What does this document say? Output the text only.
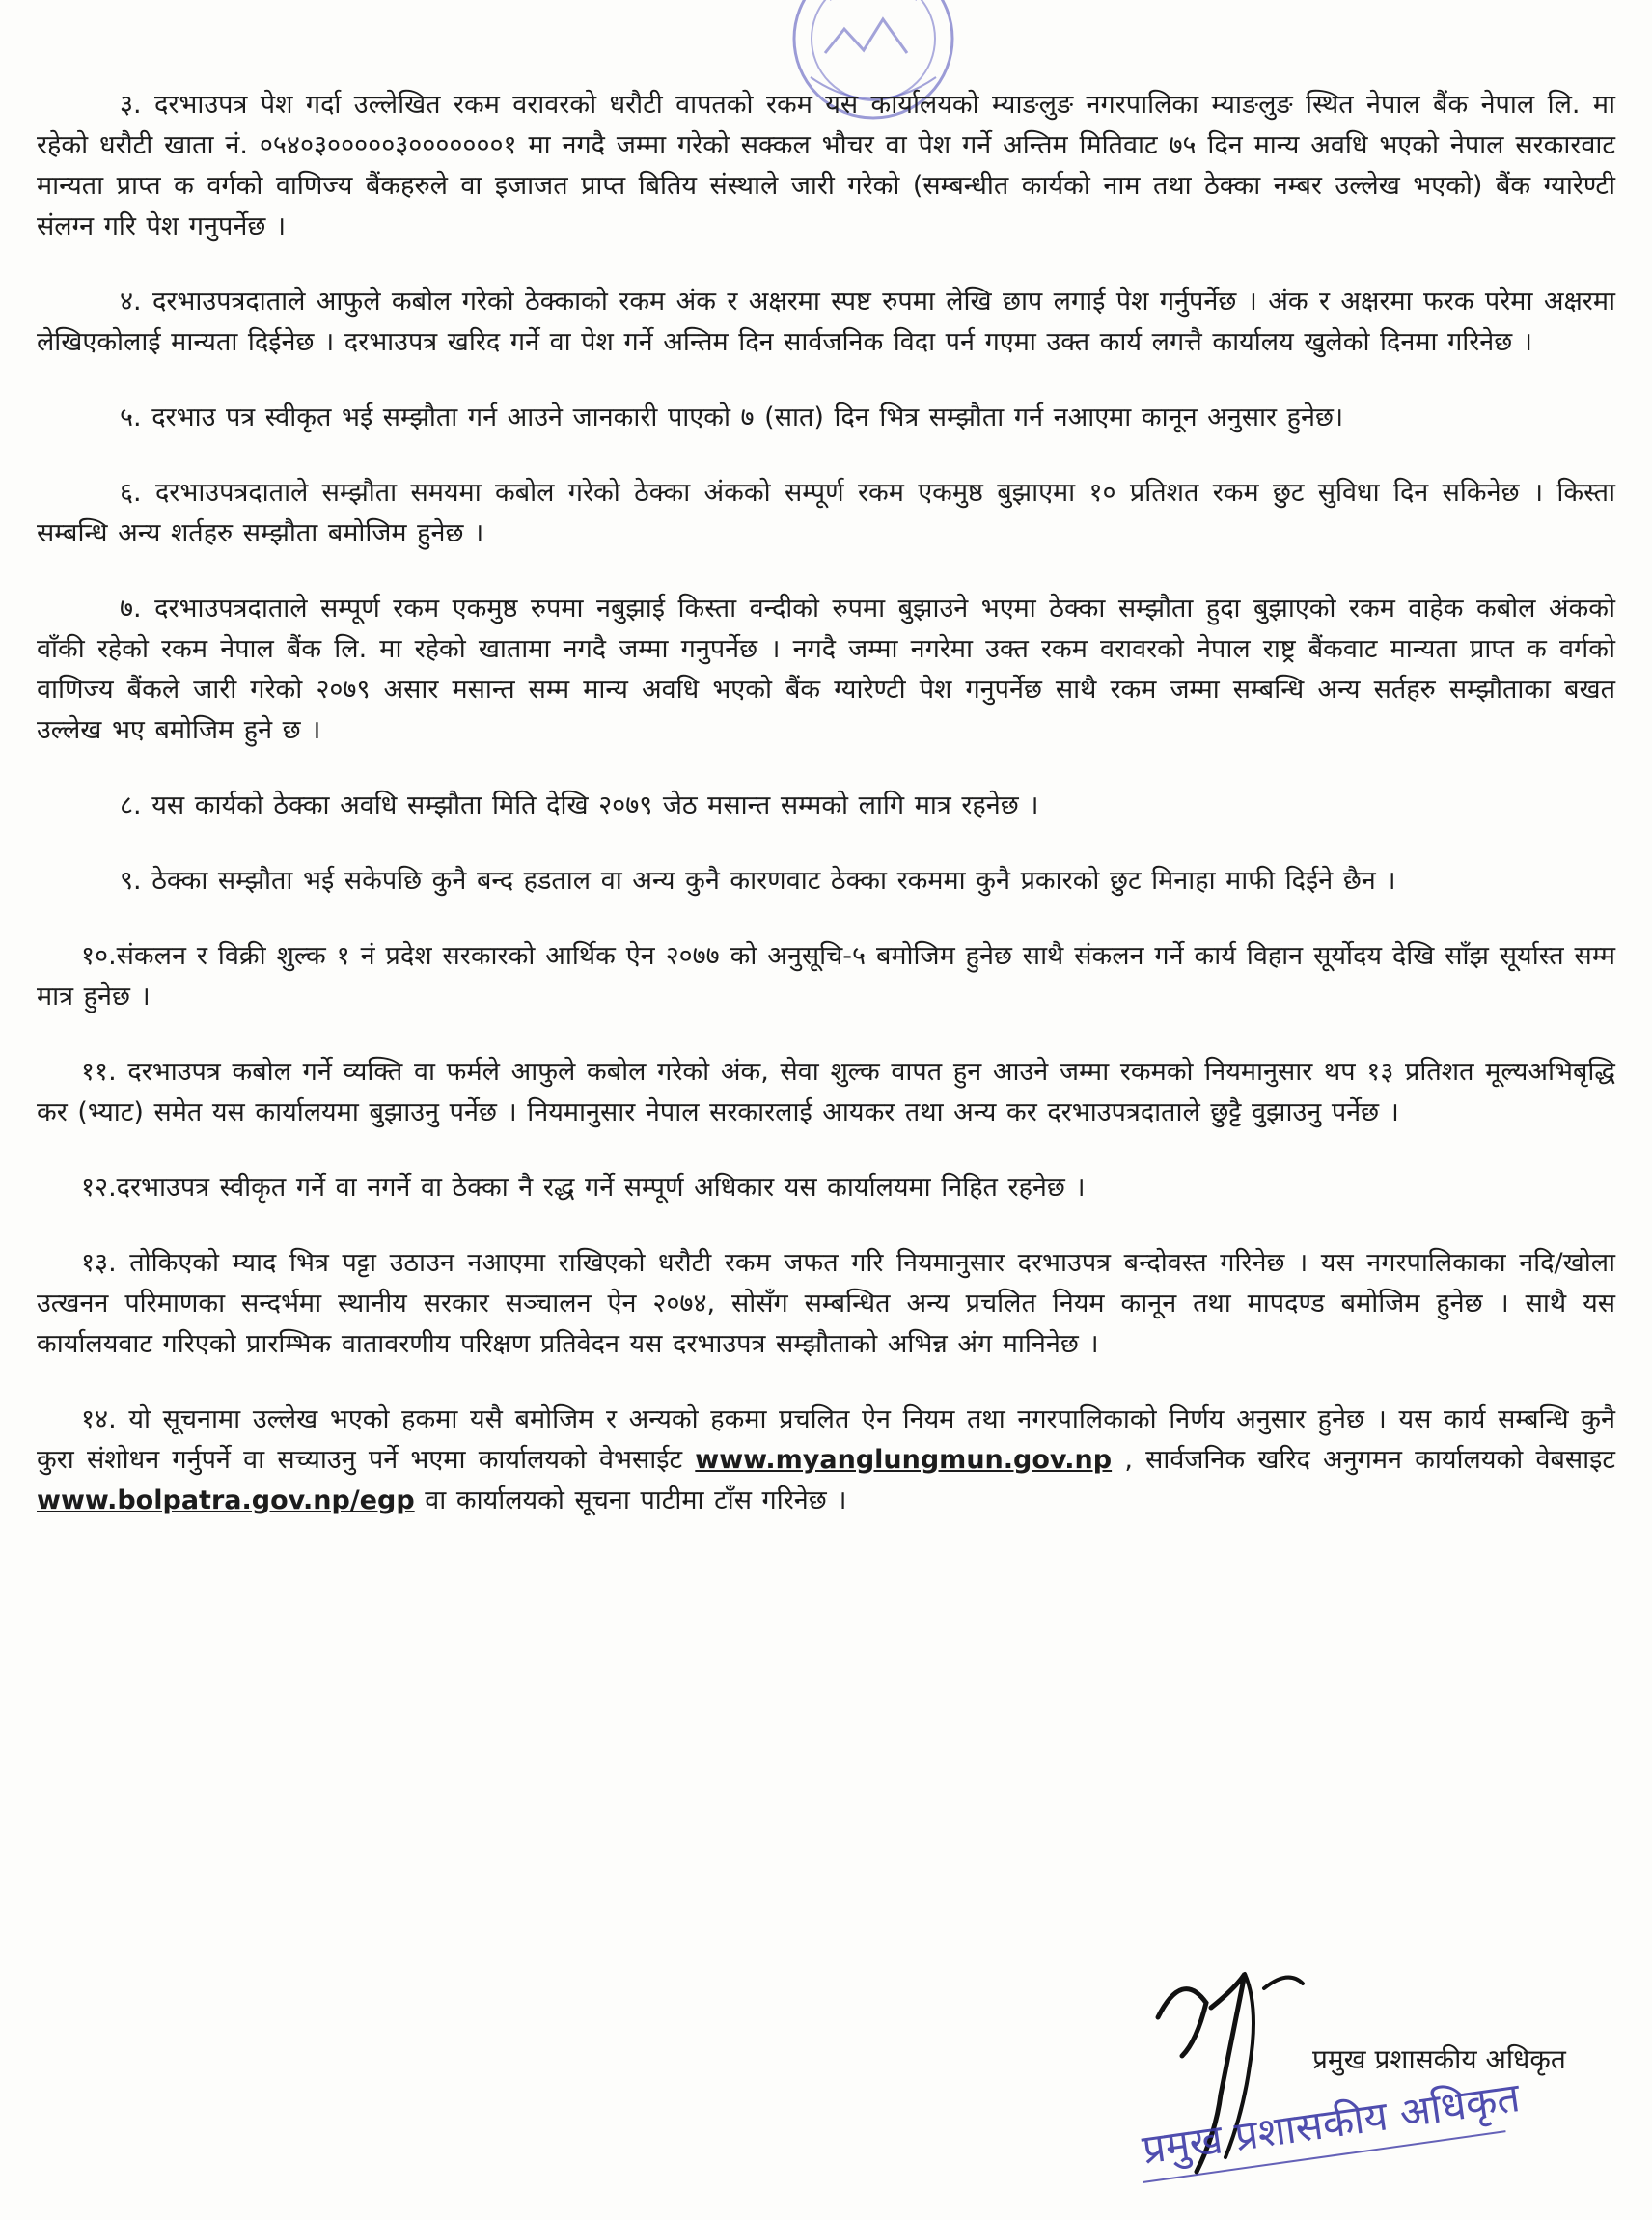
३. दरभाउपत्र पेश गर्दा उल्लेखित रकम वरावरको धरौटी वापतको रकम यस कार्यालयको म्याङलुङ नगरपालिका म्याङलुङ स्थित नेपाल बैंक नेपाल लि. मा रहेको धरौटी खाता नं. ०५४०३०००००३०००००००१ मा नगदै जम्मा गरेको सक्कल भौचर वा पेश गर्ने अन्तिम मितिवाट ७५ दिन मान्य अवधि भएको नेपाल सरकारवाट मान्यता प्राप्त क वर्गको वाणिज्य बैंकहरुले वा इजाजत प्राप्त बितिय संस्थाले जारी गरेको (सम्बन्धीत कार्यको नाम तथा ठेक्का नम्बर उल्लेख भएको) बैंक ग्यारेण्टी संलग्न गरि पेश गनुपर्नेछ ।

४. दरभाउपत्रदाताले आफुले कबोल गरेको ठेक्काको रकम अंक र अक्षरमा स्पष्ट रुपमा लेखि छाप लगाई पेश गर्नुपर्नेछ । अंक र अक्षरमा फरक परेमा अक्षरमा लेखिएकोलाई मान्यता दिईनेछ । दरभाउपत्र खरिद गर्ने वा पेश गर्ने अन्तिम दिन सार्वजनिक विदा पर्न गएमा उक्त कार्य लगत्तै कार्यालय खुलेको दिनमा गरिनेछ ।

५. दरभाउ पत्र स्वीकृत भई सम्झौता गर्न आउने जानकारी पाएको ७ (सात) दिन भित्र सम्झौता गर्न नआएमा कानून अनुसार हुनेछ।

६. दरभाउपत्रदाताले सम्झौता समयमा कबोल गरेको ठेक्का अंकको सम्पूर्ण रकम एकमुष्ठ बुझाएमा १० प्रतिशत रकम छुट सुविधा दिन सकिनेछ । किस्ता सम्बन्धि अन्य शर्तहरु सम्झौता बमोजिम हुनेछ ।

७. दरभाउपत्रदाताले सम्पूर्ण रकम एकमुष्ठ रुपमा नबुझाई किस्ता वन्दीको रुपमा बुझाउने भएमा ठेक्का सम्झौता हुदा बुझाएको रकम वाहेक कबोल अंकको वाँकी रहेको रकम नेपाल बैंक लि. मा रहेको खातामा नगदै जम्मा गनुपर्नेछ । नगदै जम्मा नगरेमा उक्त रकम वरावरको नेपाल राष्ट्र बैंकवाट मान्यता प्राप्त क वर्गको वाणिज्य बैंकले जारी गरेको २०७९ असार मसान्त सम्म मान्य अवधि भएको बैंक ग्यारेण्टी पेश गनुपर्नेछ साथै रकम जम्मा सम्बन्धि अन्य सर्तहरु सम्झौताका बखत उल्लेख भए बमोजिम हुने छ ।

८. यस कार्यको ठेक्का अवधि सम्झौता मिति देखि २०७९ जेठ मसान्त सम्मको लागि मात्र रहनेछ ।

९. ठेक्का सम्झौता भई सकेपछि कुनै बन्द हडताल वा अन्य कुनै कारणवाट ठेक्का रकममा कुनै प्रकारको छुट मिनाहा माफी दिईने छैन ।

१०.संकलन र विक्री शुल्क १ नं प्रदेश सरकारको आर्थिक ऐन २०७७ को अनुसूचि-५ बमोजिम हुनेछ साथै संकलन गर्ने कार्य विहान सूर्योदय देखि साँझ सूर्यास्त सम्म मात्र हुनेछ ।

११. दरभाउपत्र कबोल गर्ने व्यक्ति वा फर्मले आफुले कबोल गरेको अंक, सेवा शुल्क वापत हुन आउने जम्मा रकमको नियमानुसार थप १३ प्रतिशत मूल्यअभिबृद्धि कर (भ्याट) समेत यस कार्यालयमा बुझाउनु पर्नेछ । नियमानुसार नेपाल सरकारलाई आयकर तथा अन्य कर दरभाउपत्रदाताले छुट्टै वुझाउनु पर्नेछ ।

१२.दरभाउपत्र स्वीकृत गर्ने वा नगर्ने वा ठेक्का नै रद्ध गर्ने सम्पूर्ण अधिकार यस कार्यालयमा निहित रहनेछ ।

१३. तोकिएको म्याद भित्र पट्टा उठाउन नआएमा राखिएको धरौटी रकम जफत गरि नियमानुसार दरभाउपत्र बन्दोवस्त गरिनेछ । यस नगरपालिकाका नदि/खोला उत्खनन परिमाणका सन्दर्भमा स्थानीय सरकार सञ्चालन ऐन २०७४, सोसँग सम्बन्धित अन्य प्रचलित नियम कानून तथा मापदण्ड बमोजिम हुनेछ । साथै यस कार्यालयवाट गरिएको प्रारम्भिक वातावरणीय परिक्षण प्रतिवेदन यस दरभाउपत्र सम्झौताको अभिन्न अंग मानिनेछ ।

१४. यो सूचनामा उल्लेख भएको हकमा यसै बमोजिम र अन्यको हकमा प्रचलित ऐन नियम तथा नगरपालिकाको निर्णय अनुसार हुनेछ । यस कार्य सम्बन्धि कुनै कुरा संशोधन गर्नुपर्ने वा सच्याउनु पर्ने भएमा कार्यालयको वेभसाईट www.myanglungmun.gov.np , सार्वजनिक खरिद अनुगमन कार्यालयको वेबसाइट www.bolpatra.gov.np/egp वा कार्यालयको सूचना पाटीमा टाँस गरिनेछ ।

प्रमुख प्रशासकीय अधिकृत
प्रमुख प्रशासकीय अधिकृत
